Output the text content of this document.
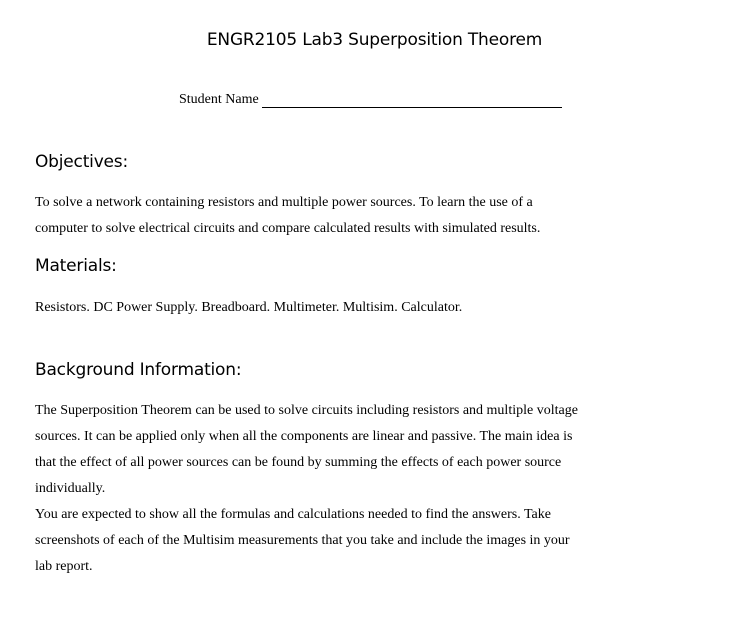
ENGR2105 Lab3 Superposition Theorem
Student Name
Objectives:
To solve a network containing resistors and multiple power sources. To learn the use of a
computer to solve electrical circuits and compare calculated results with simulated results.
Materials:
Resistors. DC Power Supply. Breadboard. Multimeter. Multisim. Calculator.
Background Information:
The Superposition Theorem can be used to solve circuits including resistors and multiple voltage
sources. It can be applied only when all the components are linear and passive. The main idea is
that the effect of all power sources can be found by summing the effects of each power source
individually.
You are expected to show all the formulas and calculations needed to find the answers. Take
screenshots of each of the Multisim measurements that you take and include the images in your
lab report.
